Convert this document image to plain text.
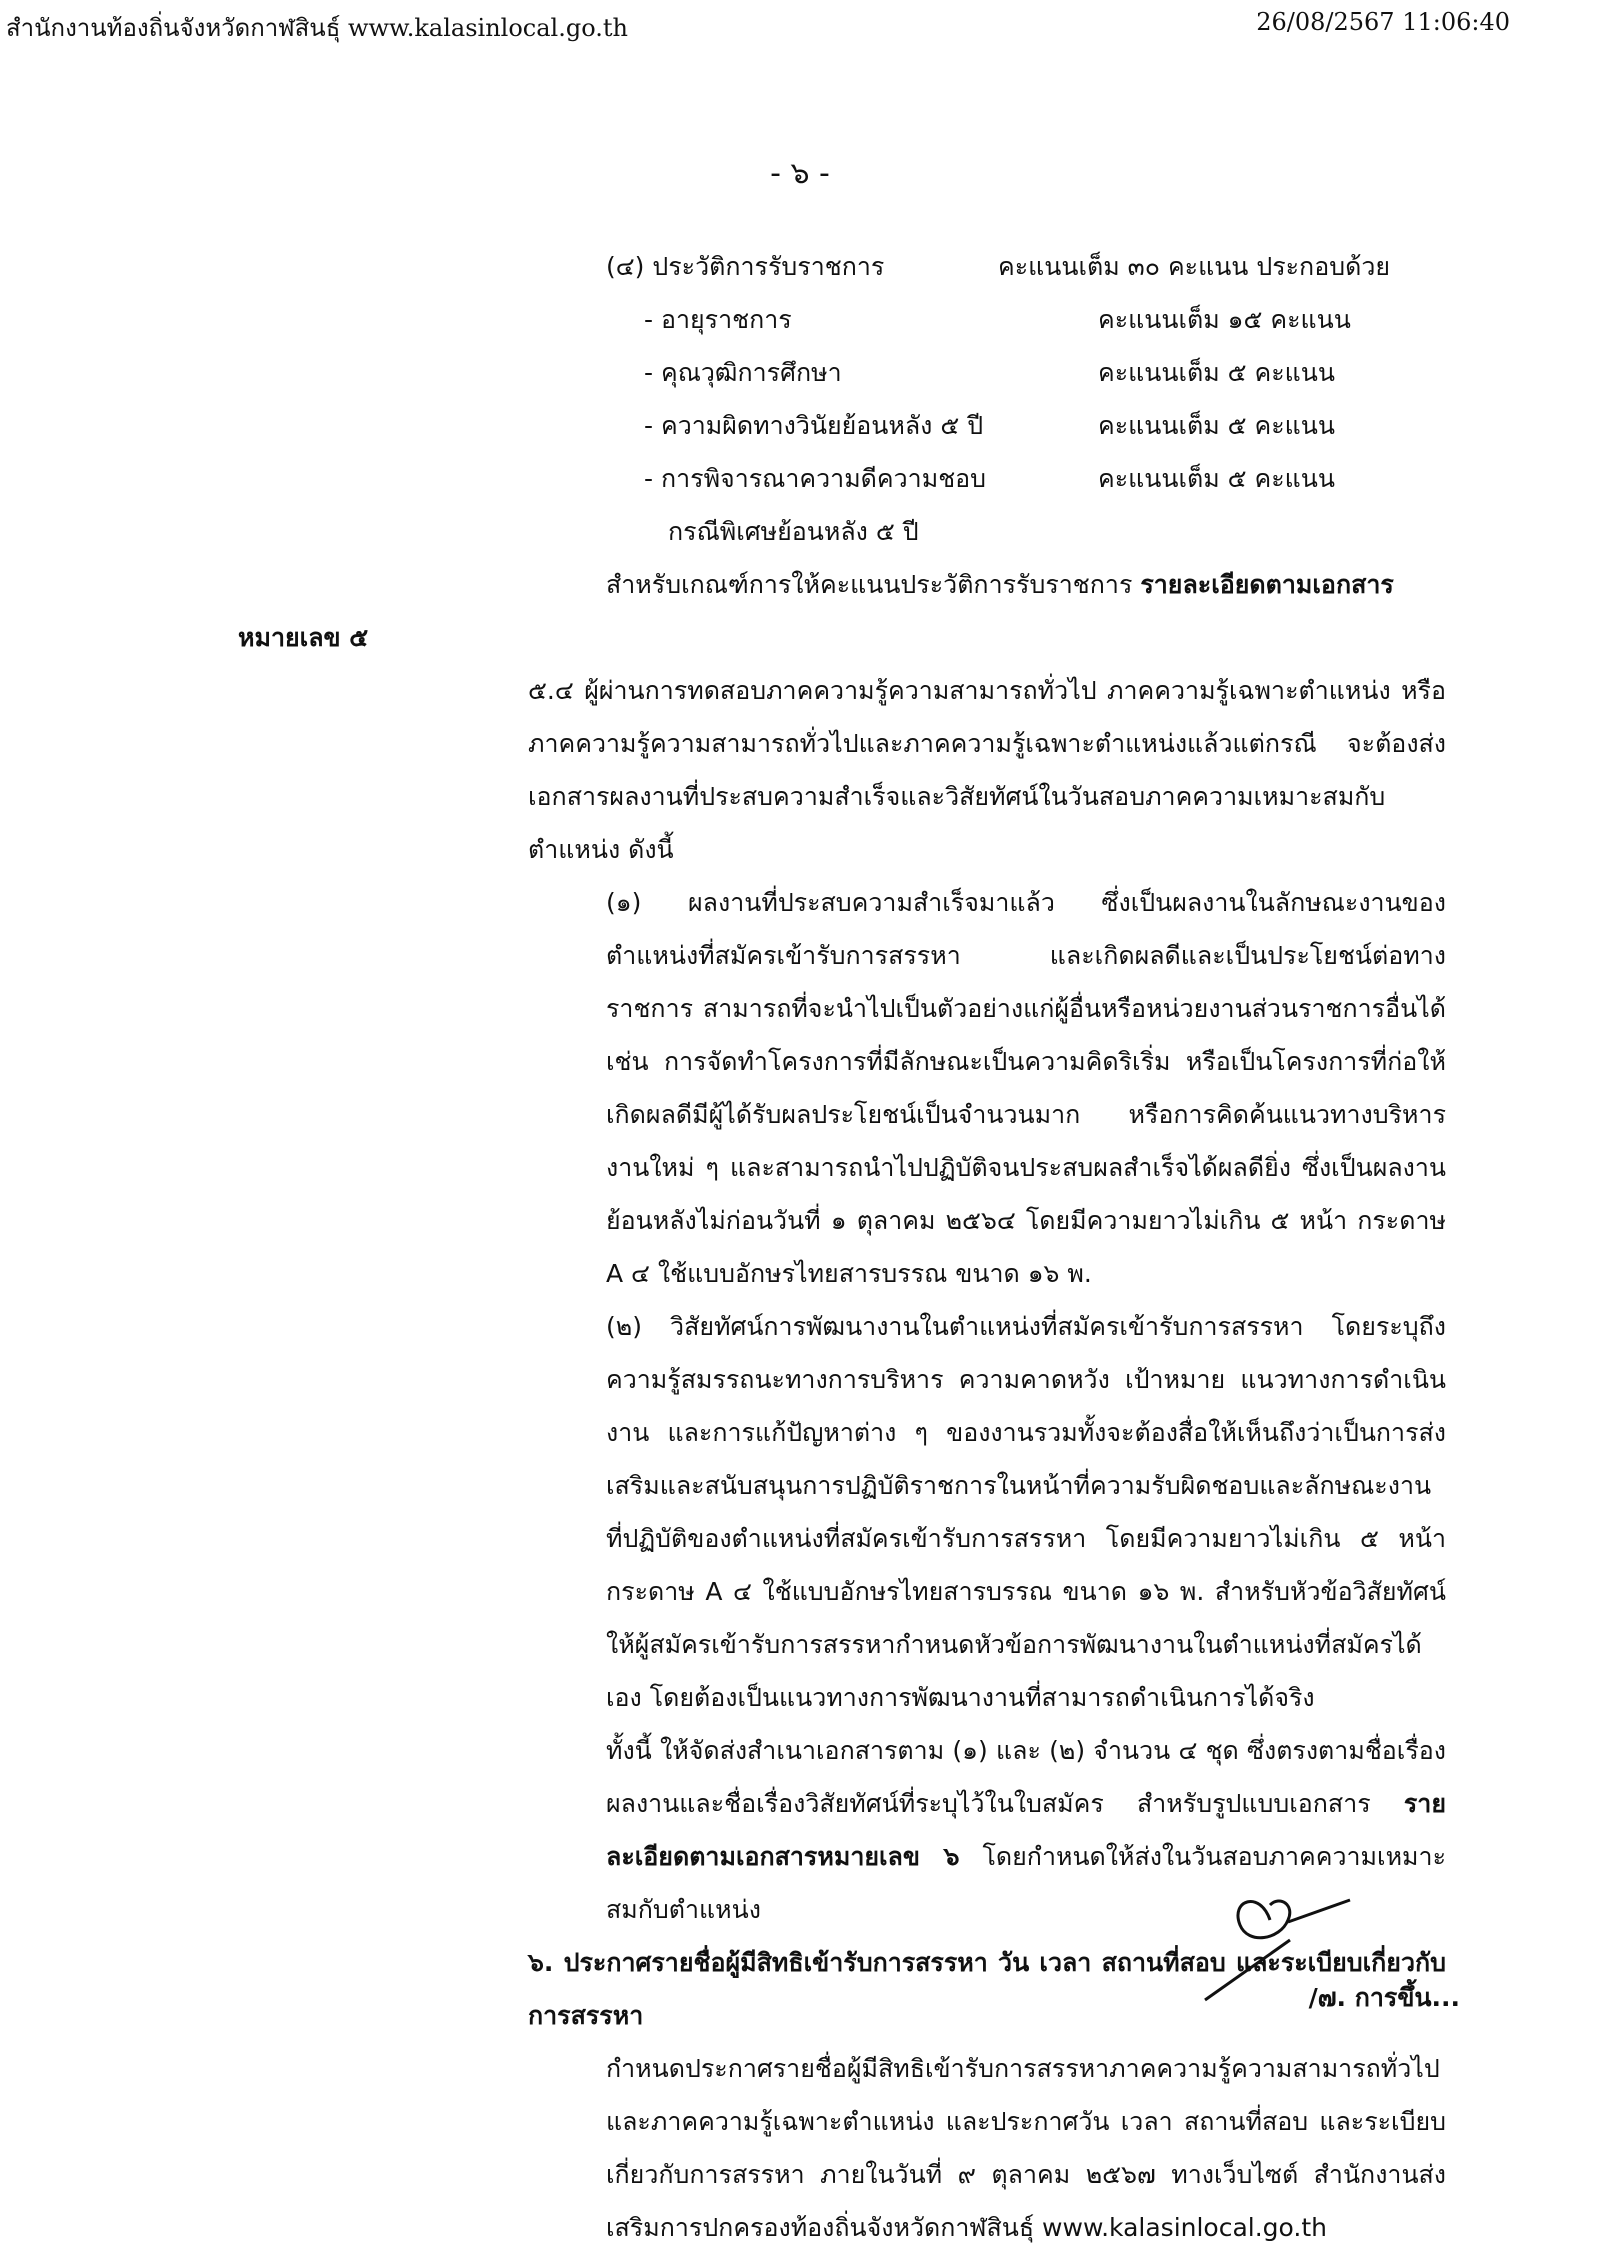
สำนักงานท้องถิ่นจังหวัดกาฬสินธุ์ www.kalasinlocal.go.th	26/08/2567 11:06:40
- ๖ -
(๔) ประวัติการรับราชการ	คะแนนเต็ม ๓๐ คะแนน ประกอบด้วย
- อายุราชการ	คะแนนเต็ม ๑๕ คะแนน
- คุณวุฒิการศึกษา	คะแนนเต็ม ๕ คะแนน
- ความผิดทางวินัยย้อนหลัง ๕ ปี	คะแนนเต็ม ๕ คะแนน
- การพิจารณาความดีความชอบ	คะแนนเต็ม ๕ คะแนน
กรณีพิเศษย้อนหลัง ๕ ปี

สำหรับเกณฑ์การให้คะแนนประวัติการรับราชการ รายละเอียดตามเอกสาร

หมายเลข ๕

๕.๔ ผู้ผ่านการทดสอบภาคความรู้ความสามารถทั่วไป ภาคความรู้เฉพาะตำแหน่ง หรือภาคความรู้ความสามารถทั่วไปและภาคความรู้เฉพาะตำแหน่งแล้วแต่กรณี จะต้องส่งเอกสารผลงานที่ประสบความสำเร็จและวิสัยทัศน์ในวันสอบภาคความเหมาะสมกับตำแหน่ง ดังนี้

(๑) ผลงานที่ประสบความสำเร็จมาแล้ว ซึ่งเป็นผลงานในลักษณะงานของตำแหน่งที่สมัครเข้ารับการสรรหา และเกิดผลดีและเป็นประโยชน์ต่อทางราชการ สามารถที่จะนำไปเป็นตัวอย่างแก่ผู้อื่นหรือหน่วยงานส่วนราชการอื่นได้ เช่น การจัดทำโครงการที่มีลักษณะเป็นความคิดริเริ่ม หรือเป็นโครงการที่ก่อให้เกิดผลดีมีผู้ได้รับผลประโยชน์เป็นจำนวนมาก หรือการคิดค้นแนวทางบริหารงานใหม่ ๆ และสามารถนำไปปฏิบัติจนประสบผลสำเร็จได้ผลดียิ่ง ซึ่งเป็นผลงานย้อนหลังไม่ก่อนวันที่ ๑ ตุลาคม ๒๕๖๔ โดยมีความยาวไม่เกิน ๕ หน้า กระดาษ A ๔ ใช้แบบอักษรไทยสารบรรณ ขนาด ๑๖ พ.

(๒) วิสัยทัศน์การพัฒนางานในตำแหน่งที่สมัครเข้ารับการสรรหา โดยระบุถึงความรู้สมรรถนะทางการบริหาร ความคาดหวัง เป้าหมาย แนวทางการดำเนินงาน และการแก้ปัญหาต่าง ๆ ของงานรวมทั้งจะต้องสื่อให้เห็นถึงว่าเป็นการส่งเสริมและสนับสนุนการปฏิบัติราชการในหน้าที่ความรับผิดชอบและลักษณะงานที่ปฏิบัติของตำแหน่งที่สมัครเข้ารับการสรรหา โดยมีความยาวไม่เกิน ๕ หน้า กระดาษ A ๔ ใช้แบบอักษรไทยสารบรรณ ขนาด ๑๖ พ. สำหรับหัวข้อวิสัยทัศน์ให้ผู้สมัครเข้ารับการสรรหากำหนดหัวข้อการพัฒนางานในตำแหน่งที่สมัครได้เอง โดยต้องเป็นแนวทางการพัฒนางานที่สามารถดำเนินการได้จริง

ทั้งนี้ ให้จัดส่งสำเนาเอกสารตาม (๑) และ (๒) จำนวน ๔ ชุด ซึ่งตรงตามชื่อเรื่องผลงานและชื่อเรื่องวิสัยทัศน์ที่ระบุไว้ในใบสมัคร สำหรับรูปแบบเอกสาร รายละเอียดตามเอกสารหมายเลข ๖ โดยกำหนดให้ส่งในวันสอบภาคความเหมาะสมกับตำแหน่ง

๖. ประกาศรายชื่อผู้มีสิทธิเข้ารับการสรรหา วัน เวลา สถานที่สอบ และระเบียบเกี่ยวกับการสรรหา

กำหนดประกาศรายชื่อผู้มีสิทธิเข้ารับการสรรหาภาคความรู้ความสามารถทั่วไปและภาคความรู้เฉพาะตำแหน่ง และประกาศวัน เวลา สถานที่สอบ และระเบียบเกี่ยวกับการสรรหา ภายในวันที่ ๙ ตุลาคม ๒๕๖๗ ทางเว็บไซต์ สำนักงานส่งเสริมการปกครองท้องถิ่นจังหวัดกาฬสินธุ์ www.kalasinlocal.go.th

/๗. การขึ้น...
